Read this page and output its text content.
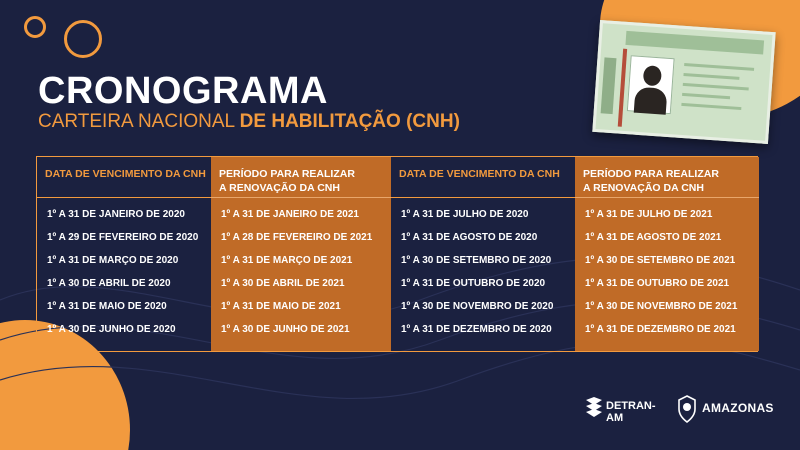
CRONOGRAMA
CARTEIRA NACIONAL DE HABILITAÇÃO (CNH)
DATA DE VENCIMENTO DA CNH
1º A 31 DE JANEIRO DE 2020
1º A 29 DE FEVEREIRO DE 2020
1º A 31 DE MARÇO DE 2020
1º A 30 DE ABRIL DE 2020
1º A 31 DE MAIO DE 2020
1º A 30 DE JUNHO DE 2020
PERÍODO PARA REALIZAR
A RENOVAÇÃO DA CNH
1º A 31 DE JANEIRO DE 2021
1º A 28 DE FEVEREIRO DE 2021
1º A 31 DE MARÇO DE 2021
1º A 30 DE ABRIL DE 2021
1º A 31 DE MAIO DE 2021
1º A 30 DE JUNHO DE 2021
DATA DE VENCIMENTO DA CNH
1º A 31 DE JULHO DE 2020
1º A 31 DE AGOSTO DE 2020
1º A 30 DE SETEMBRO DE 2020
1º A 31 DE OUTUBRO DE 2020
1º A 30 DE NOVEMBRO DE 2020
1º A 31 DE DEZEMBRO DE 2020
PERÍODO PARA REALIZAR
A RENOVAÇÃO DA CNH
1º A 31 DE JULHO DE 2021
1º A 31 DE AGOSTO DE 2021
1º A 30 DE SETEMBRO DE 2021
1º A 31 DE OUTUBRO DE 2021
1º A 30 DE NOVEMBRO DE 2021
1º A 31 DE DEZEMBRO DE 2021
DETRAN-AM
AMAZONAS
